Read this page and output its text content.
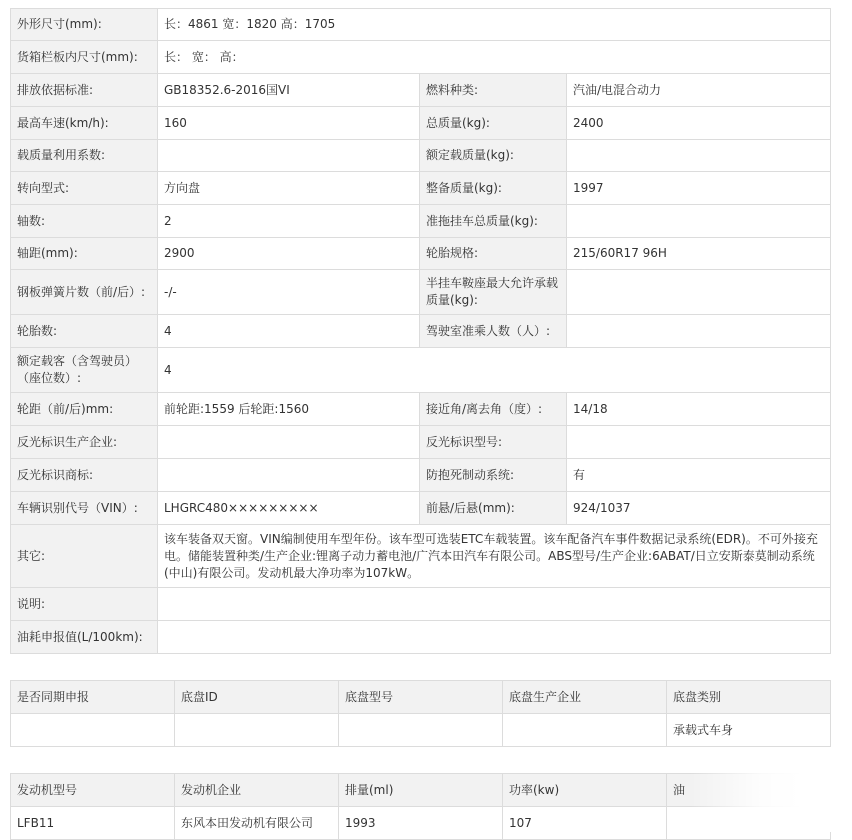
外形尺寸(mm):	长：4861 宽：1820 高：1705		
货箱栏板内尺寸(mm):	长： 宽： 高：		
排放依据标准:	GB18352.6-2016国VI	燃料种类:	汽油/电混合动力
最高车速(km/h):	160	总质量(kg):	2400
载质量利用系数:		额定载质量(kg):	
转向型式:	方向盘	整备质量(kg):	1997
轴数:	2	准拖挂车总质量(kg):	
轴距(mm):	2900	轮胎规格:	215/60R17 96H
钢板弹簧片数（前/后）:	-/-	半挂车鞍座最大允许承载质量(kg):	
轮胎数:	4	驾驶室准乘人数（人）:	
额定载客（含驾驶员）（座位数）:	4		
轮距（前/后)mm:	前轮距:1559 后轮距:1560	接近角/离去角（度）:	14/18
反光标识生产企业:		反光标识型号:	
反光标识商标:		防抱死制动系统:	有
车辆识别代号（VIN）:	LHGRC480×××××××××	前悬/后悬(mm):	924/1037
其它:	该车装备双天窗。VIN编制使用车型年份。该车型可选装ETC车载装置。该车配备汽车事件数据记录系统(EDR)。不可外接充电。储能装置种类/生产企业:锂离子动力蓄电池/广汽本田汽车有限公司。ABS型号/生产企业:6ABAT/日立安斯泰莫制动系统(中山)有限公司。发动机最大净功率为107kW。		
说明:			
油耗申报值(L/100km):			
是否同期申报	底盘ID	底盘型号	底盘生产企业	底盘类别
				承载式车身
发动机型号	发动机企业	排量(ml)	功率(kw)	油
LFB11	东风本田发动机有限公司	1993	107	
